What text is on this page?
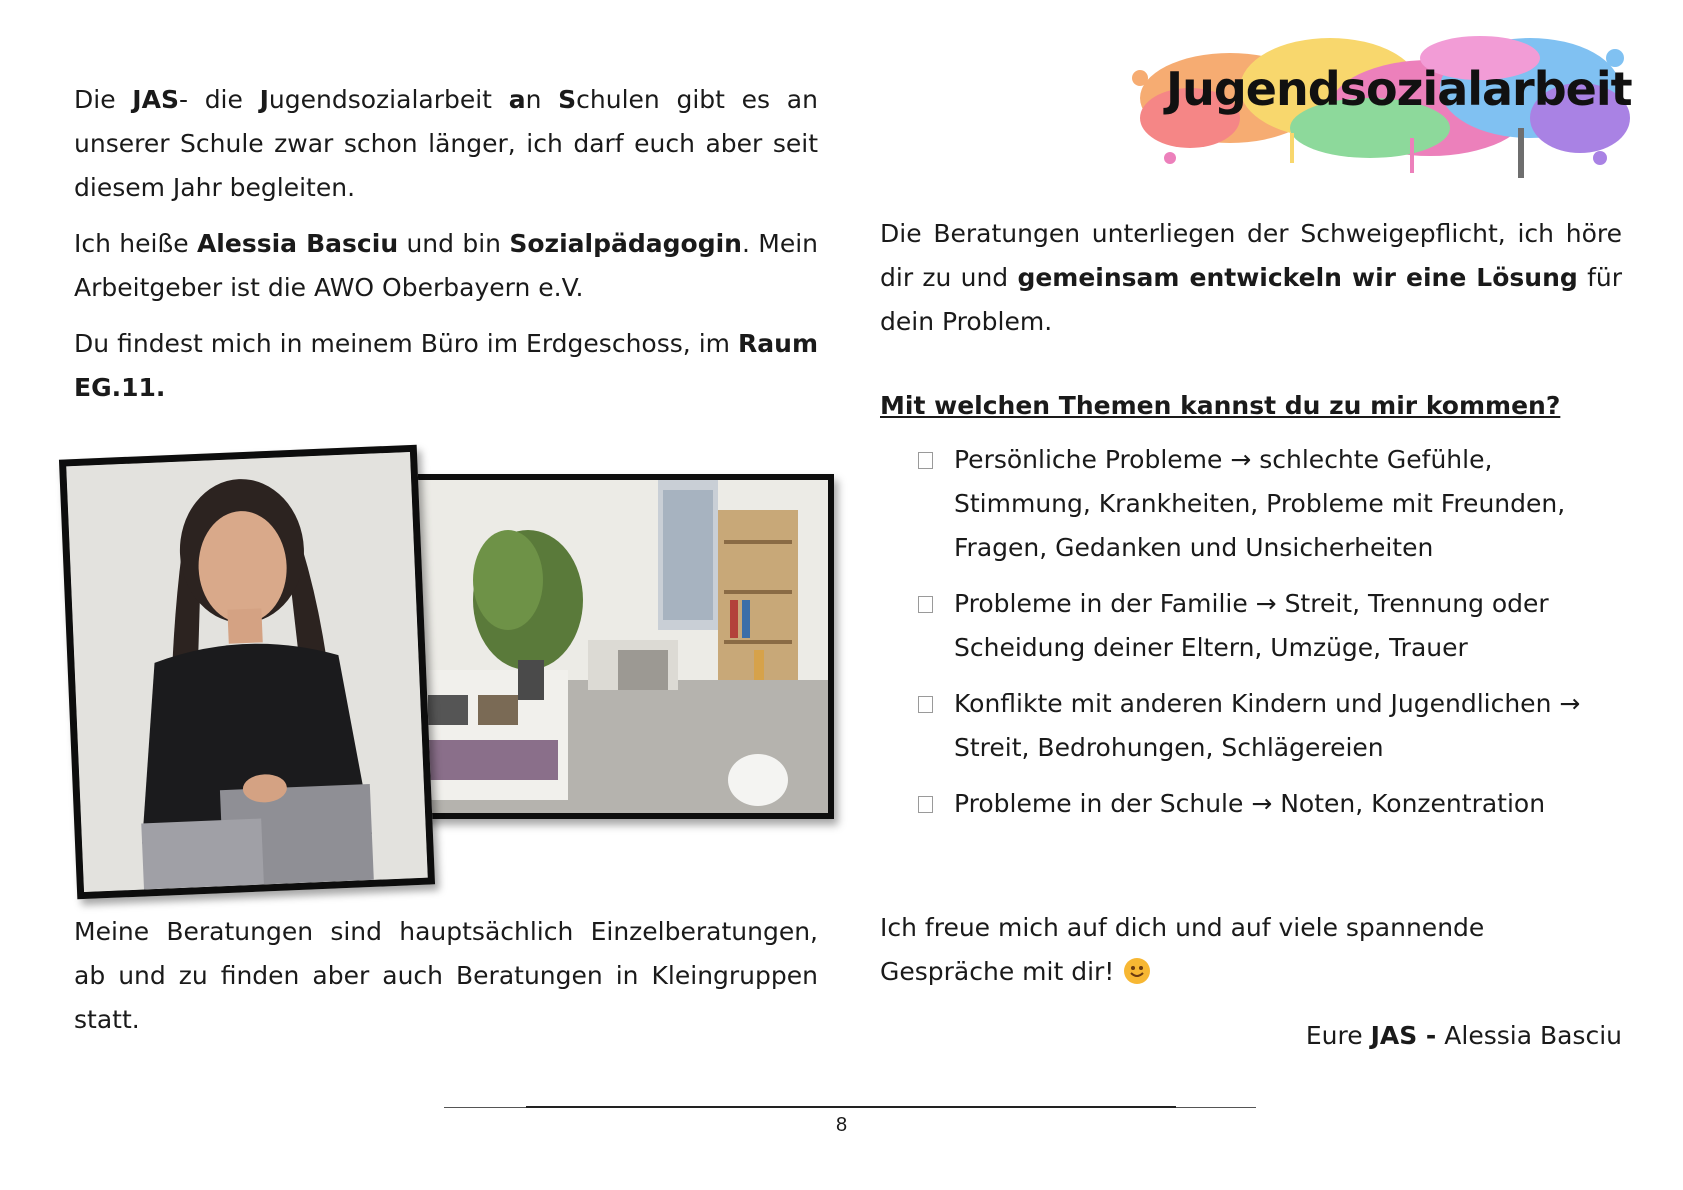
Jugendsozialarbeit

Die JAS- die Jugendsozialarbeit an Schulen gibt es an unserer Schule zwar schon länger, ich darf euch aber seit diesem Jahr begleiten.

Ich heiße Alessia Basciu und bin Sozialpädagogin. Mein Arbeitgeber ist die AWO Oberbayern e.V.

Du findest mich in meinem Büro im Erdgeschoss, im Raum EG.11.

Meine Beratungen sind hauptsächlich Einzelberatungen, ab und zu finden aber auch Beratungen in Kleingruppen statt.

Die Beratungen unterliegen der Schweigepflicht, ich höre dir zu und gemeinsam entwickeln wir eine Lösung für dein Problem.

Mit welchen Themen kannst du zu mir kommen?
Persönliche Probleme → schlechte Gefühle, Stimmung, Krankheiten, Probleme mit Freunden, Fragen, Gedanken und Unsicherheiten
Probleme in der Familie → Streit, Trennung oder Scheidung deiner Eltern, Umzüge, Trauer
Konflikte mit anderen Kindern und Jugendlichen → Streit, Bedrohungen, Schlägereien
Probleme in der Schule → Noten, Konzentration

Ich freue mich auf dich und auf viele spannende Gespräche mit dir!

Eure JAS - Alessia Basciu

8
